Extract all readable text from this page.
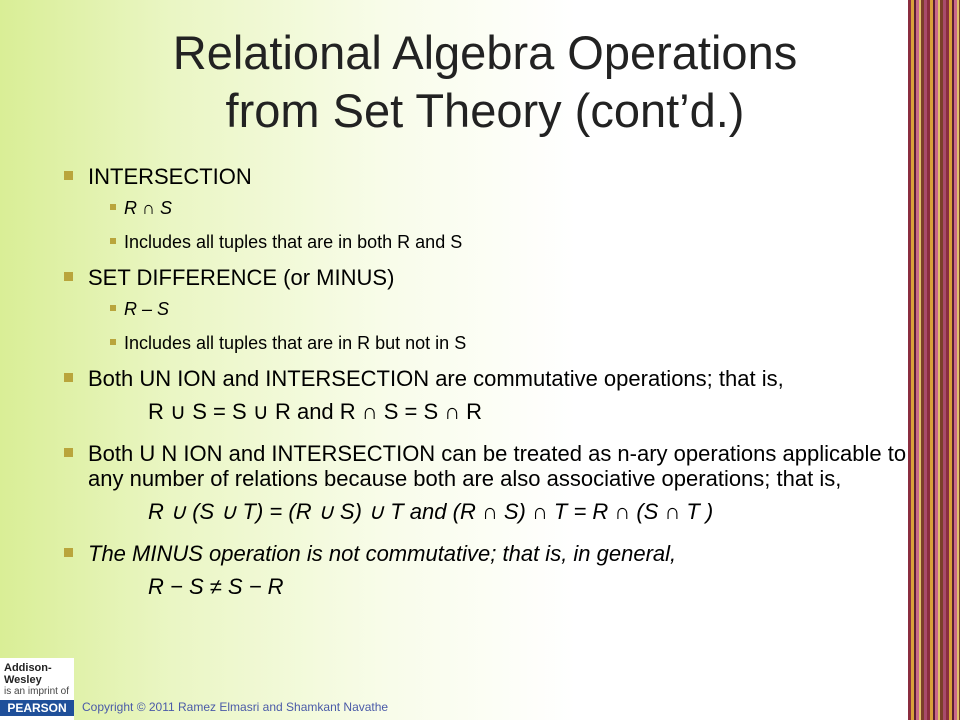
Relational Algebra Operations
from Set Theory (cont’d.)
INTERSECTION
R ∩ S
Includes all tuples that are in both R and S
SET DIFFERENCE (or MINUS)
R – S
Includes all tuples that are in R but not in S
Both UN ION and INTERSECTION are commutative operations; that is,
R ∪ S = S ∪ R and R ∩ S = S ∩ R
Both U N ION and INTERSECTION can be treated as n-ary operations applicable to any number of relations because both are also associative operations; that is,
R ∪ (S ∪ T) = (R ∪ S) ∪ T and (R ∩ S) ∩ T = R ∩ (S ∩ T )
The MINUS operation is not commutative; that is, in general,
R − S ≠ S − R
Addison-Wesley
is an imprint of
PEARSON	Copyright © 2011 Ramez Elmasri and Shamkant Navathe
